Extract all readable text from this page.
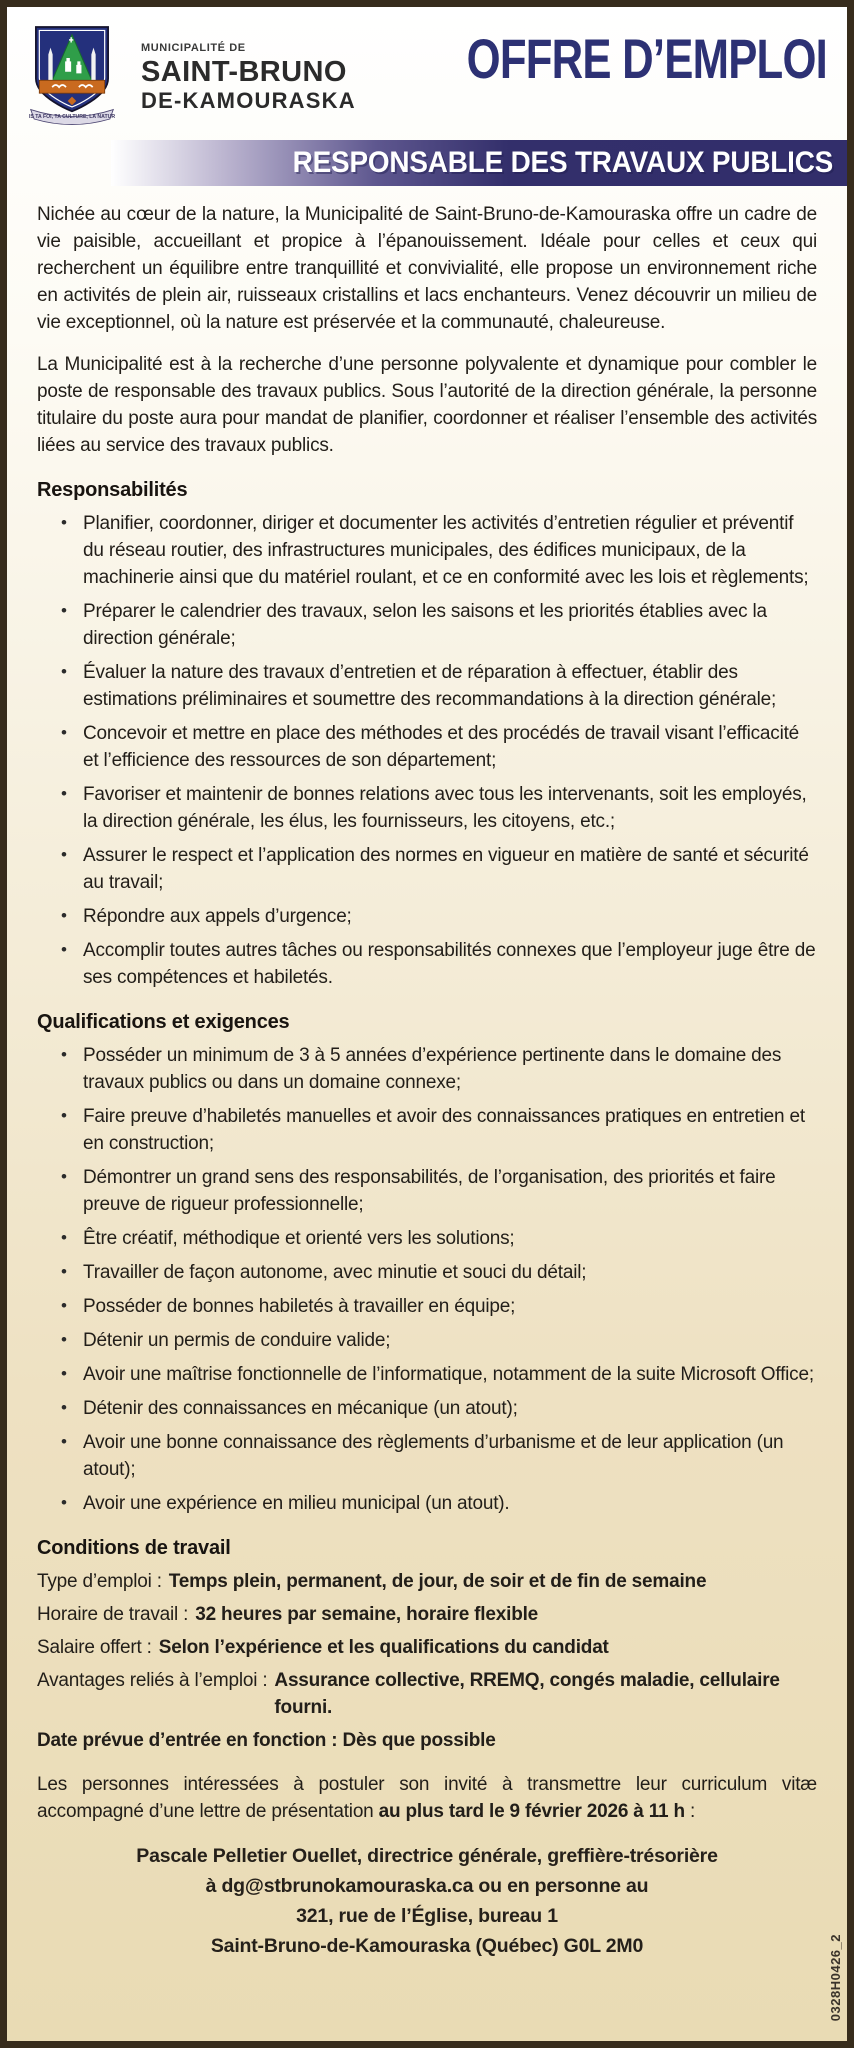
VIS TA FOI, TA CULTURE, LA NATURE
MUNICIPALITÉ DE
SAINT-BRUNO
DE-KAMOURASKA
OFFRE D’EMPLOI
RESPONSABLE DES TRAVAUX PUBLICS

Nichée au cœur de la nature, la Municipalité de Saint-Bruno-de-Kamouraska offre un cadre de vie paisible, accueillant et propice à l’épanouissement. Idéale pour celles et ceux qui recherchent un équilibre entre tranquillité et convivialité, elle propose un environnement riche en activités de plein air, ruisseaux cristallins et lacs enchanteurs. Venez découvrir un milieu de vie exceptionnel, où la nature est préservée et la communauté, chaleureuse.

La Municipalité est à la recherche d’une personne polyvalente et dynamique pour combler le poste de responsable des travaux publics. Sous l’autorité de la direction générale, la personne titulaire du poste aura pour mandat de planifier, coordonner et réaliser l’ensemble des activités liées au service des travaux publics.

Responsabilités
• Planifier, coordonner, diriger et documenter les activités d’entretien régulier et préventif du réseau routier, des infrastructures municipales, des édifices municipaux, de la machinerie ainsi que du matériel roulant, et ce en conformité avec les lois et règlements;
• Préparer le calendrier des travaux, selon les saisons et les priorités établies avec la direction générale;
• Évaluer la nature des travaux d’entretien et de réparation à effectuer, établir des estimations préliminaires et soumettre des recommandations à la direction générale;
• Concevoir et mettre en place des méthodes et des procédés de travail visant l’efficacité et l’efficience des ressources de son département;
• Favoriser et maintenir de bonnes relations avec tous les intervenants, soit les employés, la direction générale, les élus, les fournisseurs, les citoyens, etc.;
• Assurer le respect et l’application des normes en vigueur en matière de santé et sécurité au travail;
• Répondre aux appels d’urgence;
• Accomplir toutes autres tâches ou responsabilités connexes que l’employeur juge être de ses compétences et habiletés.
Qualifications et exigences
• Posséder un minimum de 3 à 5 années d’expérience pertinente dans le domaine des travaux publics ou dans un domaine connexe;
• Faire preuve d’habiletés manuelles et avoir des connaissances pratiques en entretien et en construction;
• Démontrer un grand sens des responsabilités, de l’organisation, des priorités et faire preuve de rigueur professionnelle;
• Être créatif, méthodique et orienté vers les solutions;
• Travailler de façon autonome, avec minutie et souci du détail;
• Posséder de bonnes habiletés à travailler en équipe;
• Détenir un permis de conduire valide;
• Avoir une maîtrise fonctionnelle de l’informatique, notamment de la suite Microsoft Office;
• Détenir des connaissances en mécanique (un atout);
• Avoir une bonne connaissance des règlements d’urbanisme et de leur application (un atout);
• Avoir une expérience en milieu municipal (un atout).
Conditions de travail
Type d’emploi : Temps plein, permanent, de jour, de soir et de fin de semaine
Horaire de travail : 32 heures par semaine, horaire flexible
Salaire offert : Selon l’expérience et les qualifications du candidat
Avantages reliés à l’emploi : Assurance collective, RREMQ, congés maladie, cellulaire fourni.
Date prévue d’entrée en fonction : Dès que possible

Les personnes intéressées à postuler son invité à transmettre leur curriculum vitæ accompagné d’une lettre de présentation au plus tard le 9 février 2026 à 11 h :

Pascale Pelletier Ouellet, directrice générale, greffière-trésorière
à dg@stbrunokamouraska.ca ou en personne au
321, rue de l’Église, bureau 1
Saint-Bruno-de-Kamouraska (Québec) G0L 2M0	0328H0426_2
